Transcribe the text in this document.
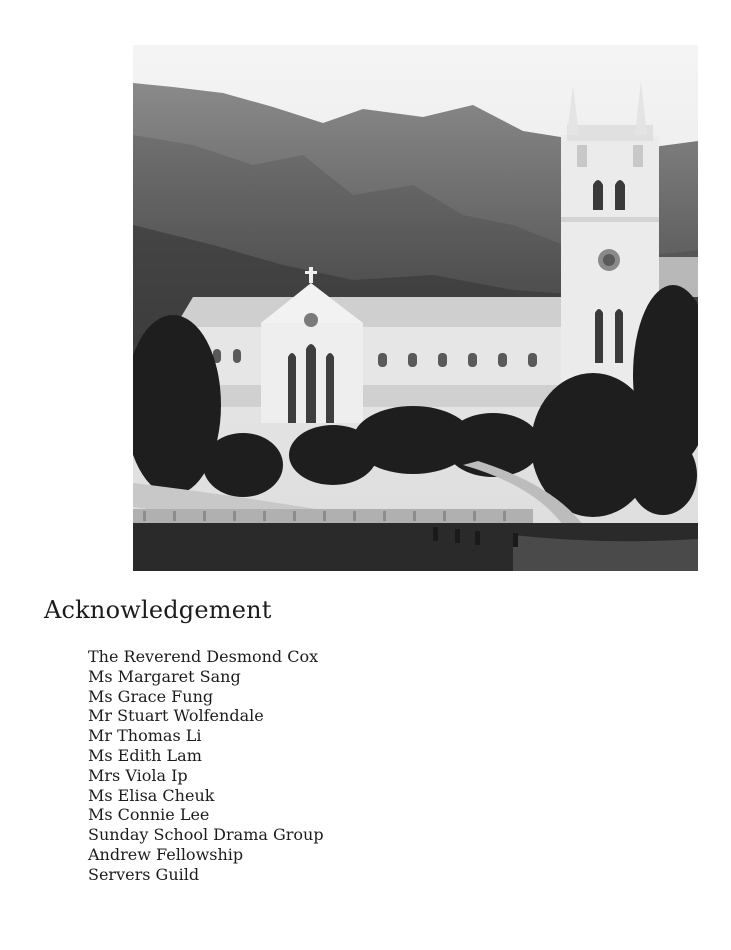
Acknowledgement
The Reverend Desmond Cox
Ms Margaret Sang
Ms Grace Fung
Mr Stuart Wolfendale
Mr Thomas Li
Ms Edith Lam
Mrs Viola Ip
Ms Elisa Cheuk
Ms Connie Lee
Sunday School Drama Group
Andrew Fellowship
Servers Guild
